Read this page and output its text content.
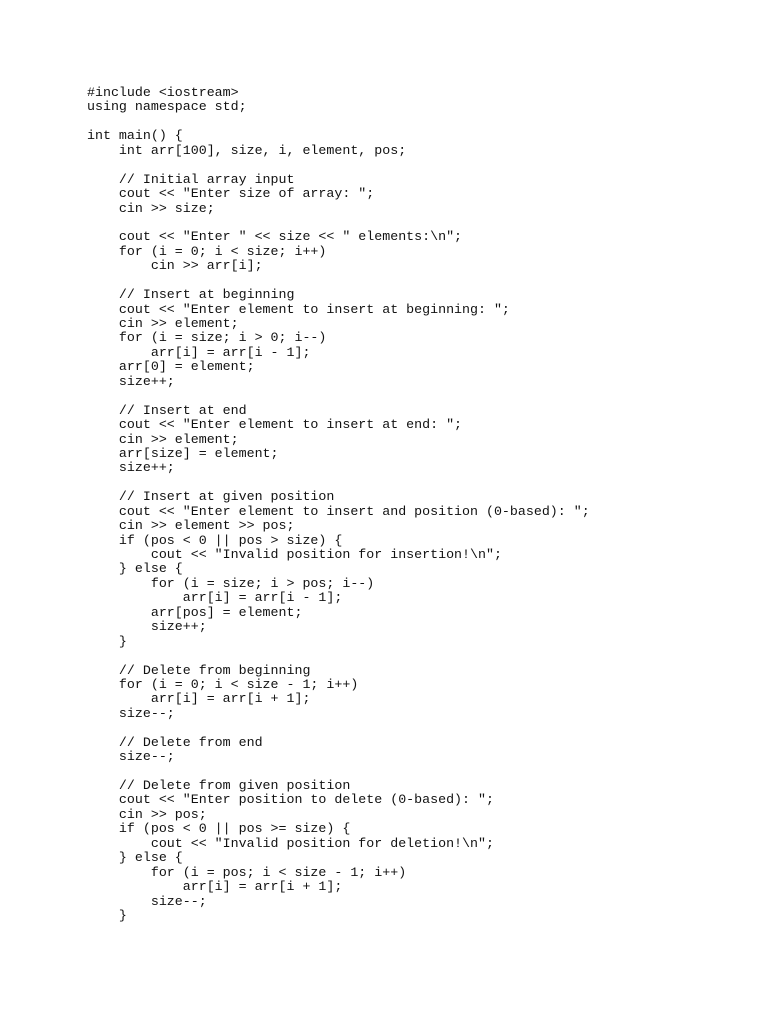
#include <iostream>
using namespace std;
int main() {
int arr[100], size, i, element, pos;
// Initial array input
cout << "Enter size of array: ";
cin >> size;
cout << "Enter " << size << " elements:\n";
for (i = 0; i < size; i++)
cin >> arr[i];
// Insert at beginning
cout << "Enter element to insert at beginning: ";
cin >> element;
for (i = size; i > 0; i--)
arr[i] = arr[i - 1];
arr[0] = element;
size++;
// Insert at end
cout << "Enter element to insert at end: ";
cin >> element;
arr[size] = element;
size++;
// Insert at given position
cout << "Enter element to insert and position (0-based): ";
cin >> element >> pos;
if (pos < 0 || pos > size) {
cout << "Invalid position for insertion!\n";
} else {
for (i = size; i > pos; i--)
arr[i] = arr[i - 1];
arr[pos] = element;
size++;
}
// Delete from beginning
for (i = 0; i < size - 1; i++)
arr[i] = arr[i + 1];
size--;
// Delete from end
size--;
// Delete from given position
cout << "Enter position to delete (0-based): ";
cin >> pos;
if (pos < 0 || pos >= size) {
cout << "Invalid position for deletion!\n";
} else {
for (i = pos; i < size - 1; i++)
arr[i] = arr[i + 1];
size--;
}
